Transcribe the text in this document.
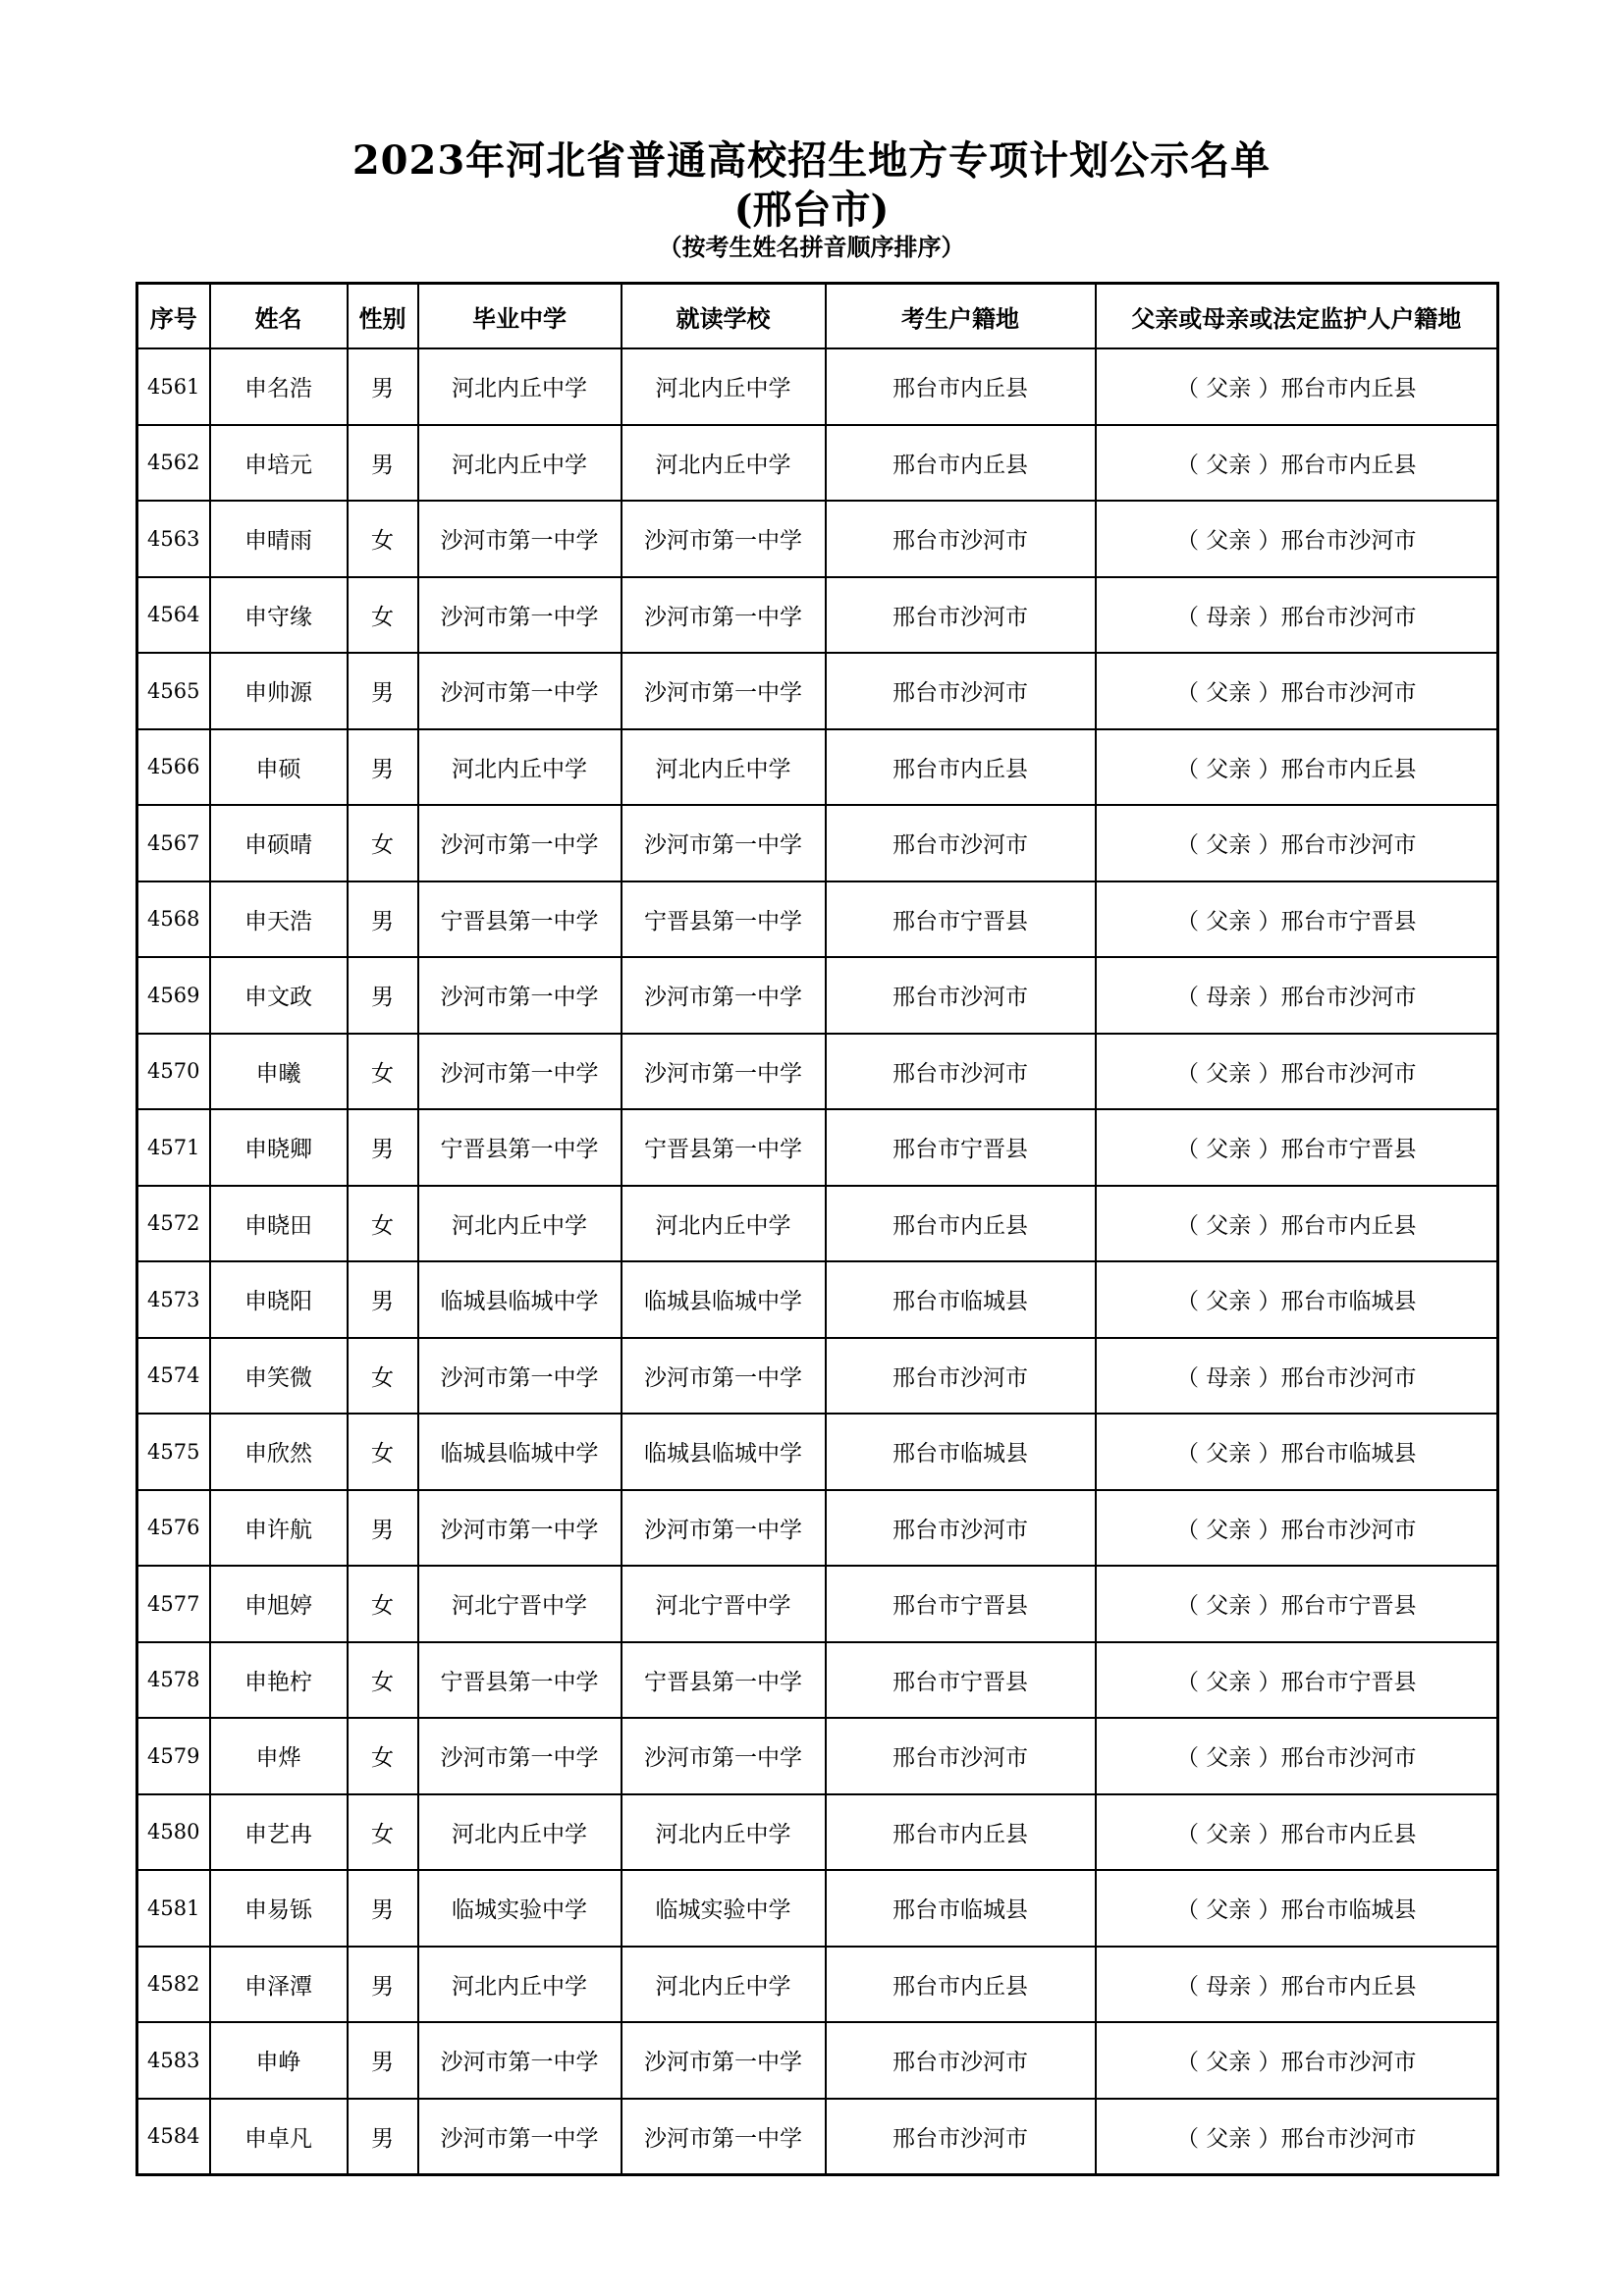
2023年河北省普通高校招生地方专项计划公示名单
(邢台市)
（按考生姓名拼音顺序排序）
序号	姓名	性别	毕业中学	就读学校	考生户籍地	父亲或母亲或法定监护人户籍地
4561	申名浩	男	河北内丘中学	河北内丘中学	邢台市内丘县	（ 父亲 ）邢台市内丘县
4562	申培元	男	河北内丘中学	河北内丘中学	邢台市内丘县	（ 父亲 ）邢台市内丘县
4563	申晴雨	女	沙河市第一中学	沙河市第一中学	邢台市沙河市	（ 父亲 ）邢台市沙河市
4564	申守缘	女	沙河市第一中学	沙河市第一中学	邢台市沙河市	（ 母亲 ）邢台市沙河市
4565	申帅源	男	沙河市第一中学	沙河市第一中学	邢台市沙河市	（ 父亲 ）邢台市沙河市
4566	申硕	男	河北内丘中学	河北内丘中学	邢台市内丘县	（ 父亲 ）邢台市内丘县
4567	申硕晴	女	沙河市第一中学	沙河市第一中学	邢台市沙河市	（ 父亲 ）邢台市沙河市
4568	申天浩	男	宁晋县第一中学	宁晋县第一中学	邢台市宁晋县	（ 父亲 ）邢台市宁晋县
4569	申文政	男	沙河市第一中学	沙河市第一中学	邢台市沙河市	（ 母亲 ）邢台市沙河市
4570	申曦	女	沙河市第一中学	沙河市第一中学	邢台市沙河市	（ 父亲 ）邢台市沙河市
4571	申晓卿	男	宁晋县第一中学	宁晋县第一中学	邢台市宁晋县	（ 父亲 ）邢台市宁晋县
4572	申晓田	女	河北内丘中学	河北内丘中学	邢台市内丘县	（ 父亲 ）邢台市内丘县
4573	申晓阳	男	临城县临城中学	临城县临城中学	邢台市临城县	（ 父亲 ）邢台市临城县
4574	申笑微	女	沙河市第一中学	沙河市第一中学	邢台市沙河市	（ 母亲 ）邢台市沙河市
4575	申欣然	女	临城县临城中学	临城县临城中学	邢台市临城县	（ 父亲 ）邢台市临城县
4576	申许航	男	沙河市第一中学	沙河市第一中学	邢台市沙河市	（ 父亲 ）邢台市沙河市
4577	申旭婷	女	河北宁晋中学	河北宁晋中学	邢台市宁晋县	（ 父亲 ）邢台市宁晋县
4578	申艳柠	女	宁晋县第一中学	宁晋县第一中学	邢台市宁晋县	（ 父亲 ）邢台市宁晋县
4579	申烨	女	沙河市第一中学	沙河市第一中学	邢台市沙河市	（ 父亲 ）邢台市沙河市
4580	申艺冉	女	河北内丘中学	河北内丘中学	邢台市内丘县	（ 父亲 ）邢台市内丘县
4581	申易铄	男	临城实验中学	临城实验中学	邢台市临城县	（ 父亲 ）邢台市临城县
4582	申泽潭	男	河北内丘中学	河北内丘中学	邢台市内丘县	（ 母亲 ）邢台市内丘县
4583	申峥	男	沙河市第一中学	沙河市第一中学	邢台市沙河市	（ 父亲 ）邢台市沙河市
4584	申卓凡	男	沙河市第一中学	沙河市第一中学	邢台市沙河市	（ 父亲 ）邢台市沙河市
